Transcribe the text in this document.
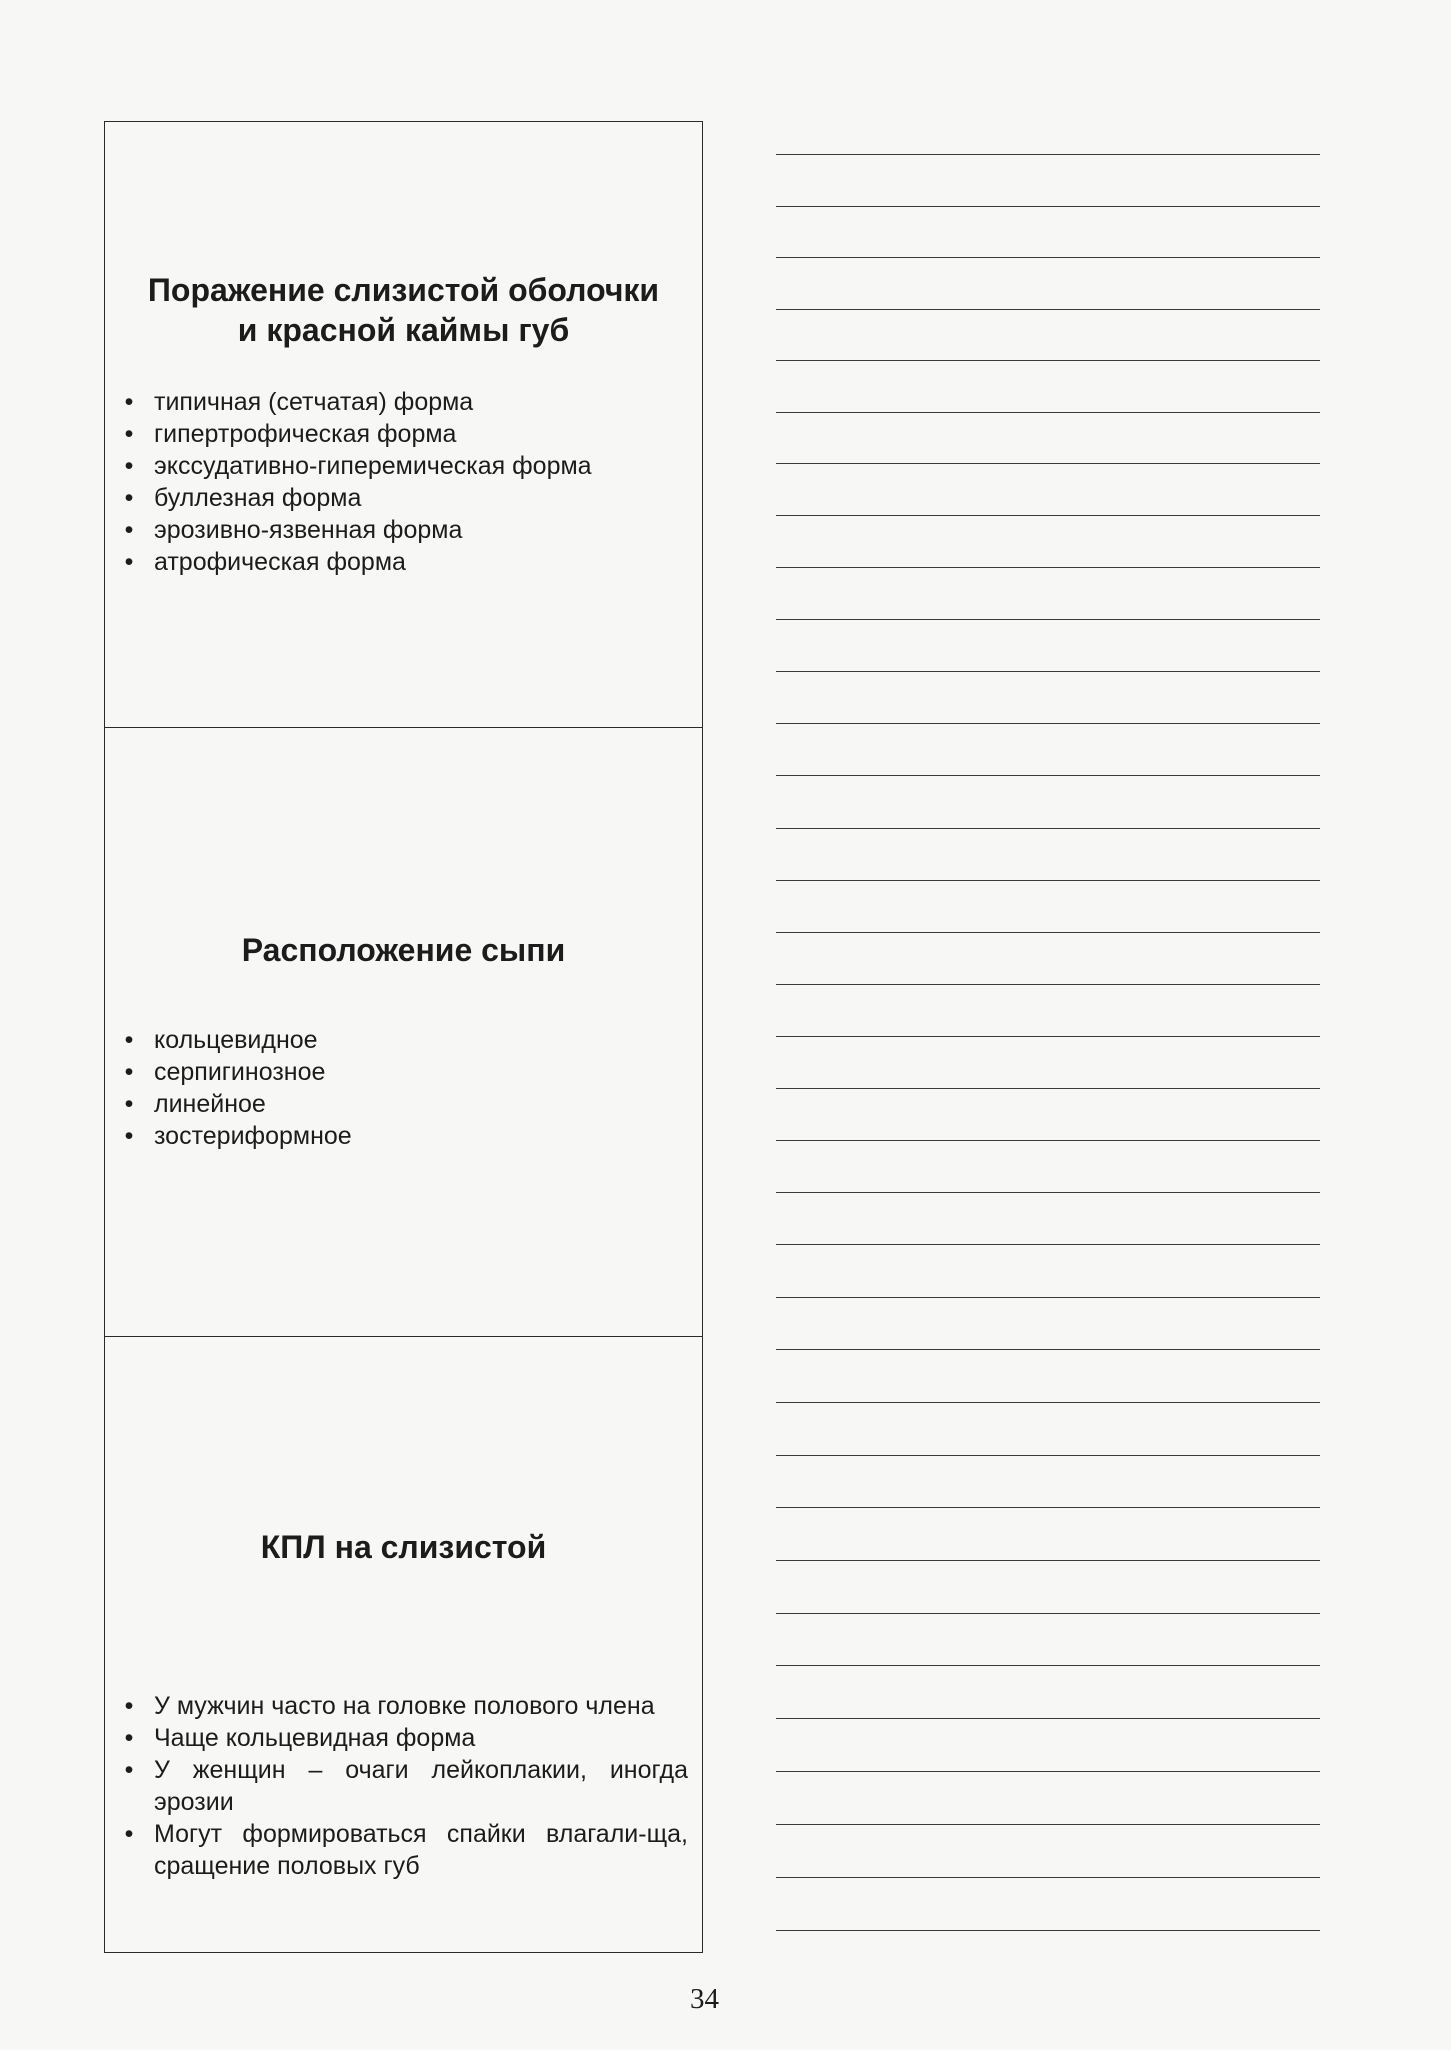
Поражение слизистой оболочки
и красной каймы губ
• типичная (сетчатая) форма
• гипертрофическая форма
• экссудативно-гиперемическая форма
• буллезная форма
• эрозивно-язвенная форма
• атрофическая форма
Расположение сыпи
• кольцевидное
• серпигинозное
• линейное
• зостериформное
КПЛ на слизистой
• У мужчин часто на головке полового члена
• Чаще кольцевидная форма
• У женщин – очаги лейкоплакии, иногда эрозии
• Могут формироваться спайки влагали-ща, сращение половых губ
34
